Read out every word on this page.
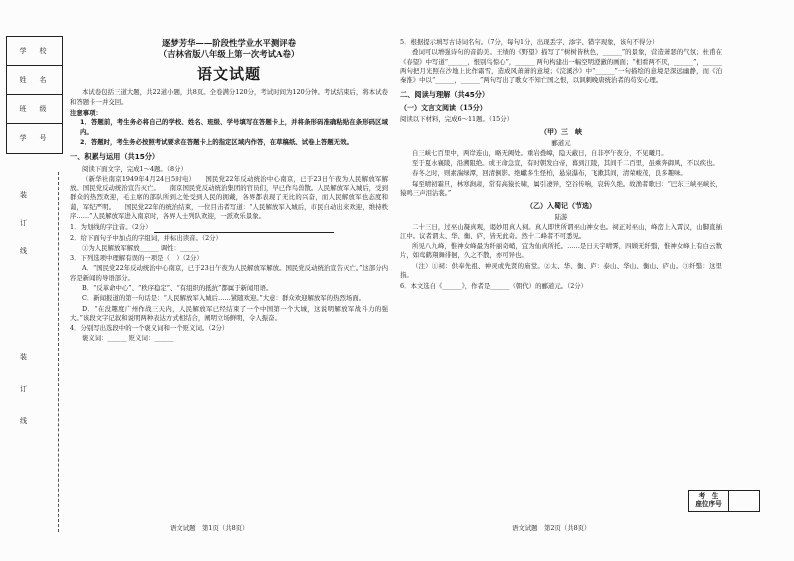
学　校
姓　名
班　级
学　号
装
订
线
装
订
线
逐梦芳华——阶段性学业水平测评卷
（吉林省版八年级上第一次考试A卷）
语文试题
本试卷包括三道大题，共22道小题，共8页。全卷满分120分，考试时间为120分钟。考试结束后，将本试卷和答题卡一并交回。
注意事项：
1．答题前，考生务必将自己的学校、姓名、班级、学号填写在答题卡上，并将条形码准确粘贴在条形码区域内。
2．答题时，考生务必按照考试要求在答题卡上的指定区域内作答，在草稿纸、试卷上答题无效。
一、积累与运用（共15分）
阅读下面文字，完成1～4题。（8分）
（新华社南京1949年4月24日5时电）　　国民党22年反动统治中心南京，已于23日午夜为人民解放军解放。国民党反动统治宣告灭亡。　　南京国民党反动统治集团的官员们，早已作鸟兽散。人民解放军入城后，受到群众的热烈欢迎，毛主席的部队所到之处受到人民的拥戴，各界都表现了无比的兴奋，而人民解放军也态度和蔼，军纪严明。　　国民党22年的统治结束，一位目击者写道：“人民解放军入城后，市民自动出来欢迎，维持秩序……”人民解放军进入南京时，各界人士列队欢迎，一派欢乐景象。
1．为划线的字注音。（2分）
2．给下面句子中加点的字组词，并标出读音。（2分）
①为人民解放军解放______ 调性：______
3．下列选项中理解有误的一项是（　）（2分）
A．“国民党22年反动统治中心南京，已于23日午夜为人民解放军解放。国民党反动统治宣告灭亡。”这部分内容是新闻的导语部分。
B．“反革命中心”、“秩序稳定”、“有组织的抵抗”都属于新闻用语。
C．新闻报道的第一句话是：“人民解放军入城后……紧随欢迎。”大意：群众欢迎解放军的热烈场面。
D．“在没趣度广州作战三天内，人民解放军已经结束了一个中国第一个大城，这说明解放军战斗力的强大。”该段文字记叙和说明两种表达方式相结合，阐明立场鲜明，令人振奋。
4．分别写出选段中的一个褒义词和一个贬义词。（2分）
褒义词：______ 贬义词：______
语文试题　第1页（共8页）
5．根据提示填写古诗词名句。（7分，每句1分，出现丢字、添字、错字现象，该句不得分）
叠词可以增强诗句的音韵美。王绩的《野望》描写了“树树皆秋色，______”的景象，营造萧瑟的气氛；杜甫在《春望》中写道“______，恨别鸟惊心”，______ 两句构建出一幅空明澄澈的画面；“相看两不厌，______”，______ 两句把月光照在沙地上比作霜雪，造成风萧萧的意境；《浣溪沙》中“______”一句描绘的意境是深远幽静，而《泊秦淮》中以“______，______”两句写出了歌女不知亡国之恨，以讽刺晚唐统治者的苟安心理。
二、阅读与理解（共45分）
（一）文言文阅读（15分）
阅读以下材料，完成6～11题。（15分）
（甲）三　峡
郦道元
自三峡七百里中，两岸连山，略无阙处。重岩叠嶂，隐天蔽日，自非亭午夜分，不见曦月。
至于夏水襄陵，沿溯阻绝。或王命急宣，有时朝发白帝，暮到江陵，其间千二百里，虽乘奔御风，不以疾也。
春冬之时，则素湍绿潭，回清倒影。绝巘多生怪柏，悬泉瀑布，飞漱其间，清荣峻茂，良多趣味。
每至晴初霜旦，林寒涧肃，常有高猿长啸，属引凄异，空谷传响，哀转久绝。故渔者歌曰：“巴东三峡巫峡长，猿鸣三声泪沾裳。”
（乙）入蜀记（节选）
陆游
二十三日，过巫山凝真观，谒妙用真人祠。真人即世所谓巫山神女也。祠正对巫山，峰峦上入霄汉，山脚直插江中。议者谓太、华、衡、庐，皆无此奇。然十二峰者不可悉见。
所见八九峰，惟神女峰最为纤丽奇峭，宜为仙真所托。……是日天宇晴霁，四顾无纤翳，惟神女峰上有白云数片，如鸾鹤翔舞徘徊，久之不散，亦可异也。
（注）①祠：供奉先祖、神灵或先贤的庙堂。②太、华、衡、庐：泰山、华山、衡山、庐山。③纤翳：这里指。
6．本文选自《______》，作者是______（朝代）的郦道元。（2分）
考　生
座位序号
语文试题　第2页（共8页）
